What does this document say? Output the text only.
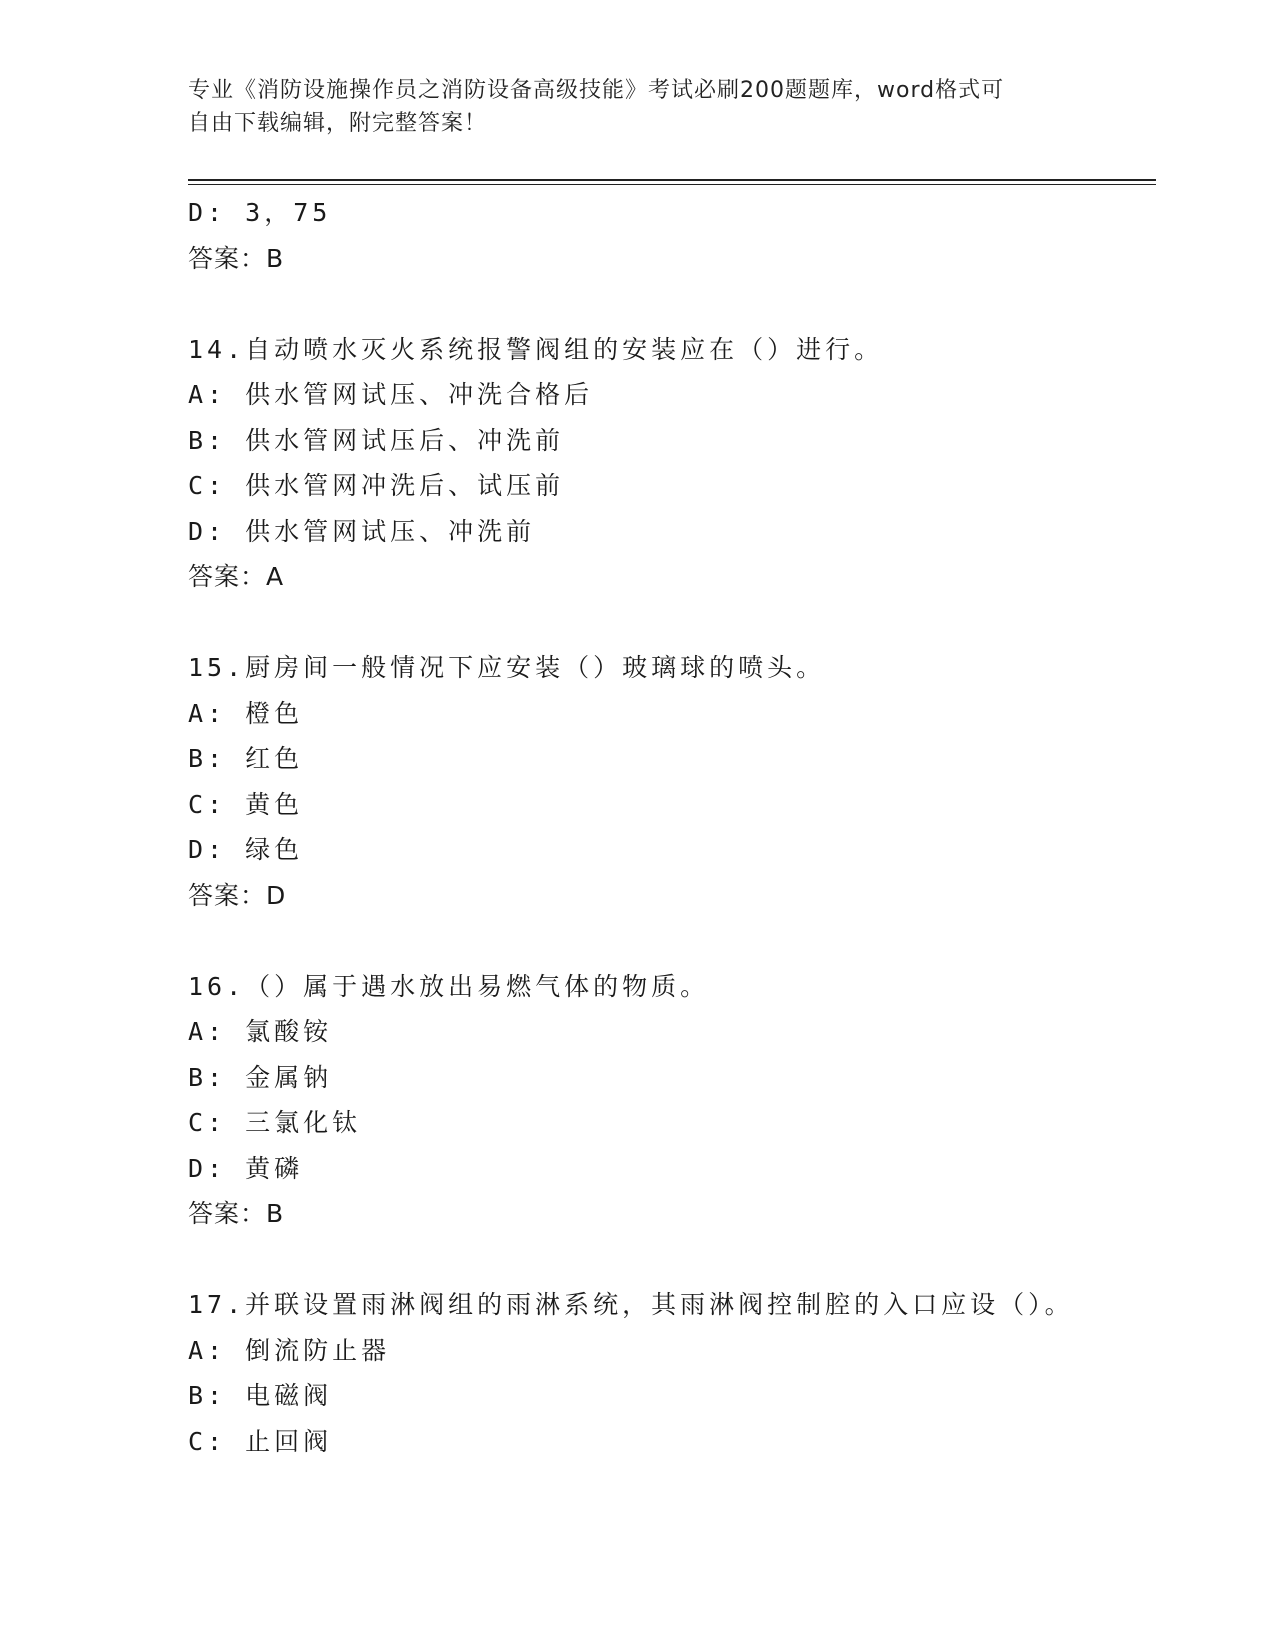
专业《消防设施操作员之消防设备高级技能》考试必刷200题题库，word格式可
自由下载编辑，附完整答案！
D: 3，75
答案：B
14.自动喷水灭火系统报警阀组的安装应在（）进行。
A: 供水管网试压、冲洗合格后
B: 供水管网试压后、冲洗前
C: 供水管网冲洗后、试压前
D: 供水管网试压、冲洗前
答案：A
15.厨房间一般情况下应安装（）玻璃球的喷头。
A: 橙色
B: 红色
C: 黄色
D: 绿色
答案：D
16.（）属于遇水放出易燃气体的物质。
A: 氯酸铵
B: 金属钠
C: 三氯化钛
D: 黄磷
答案：B
17.并联设置雨淋阀组的雨淋系统，其雨淋阀控制腔的入口应设（）。
A: 倒流防止器
B: 电磁阀
C: 止回阀
